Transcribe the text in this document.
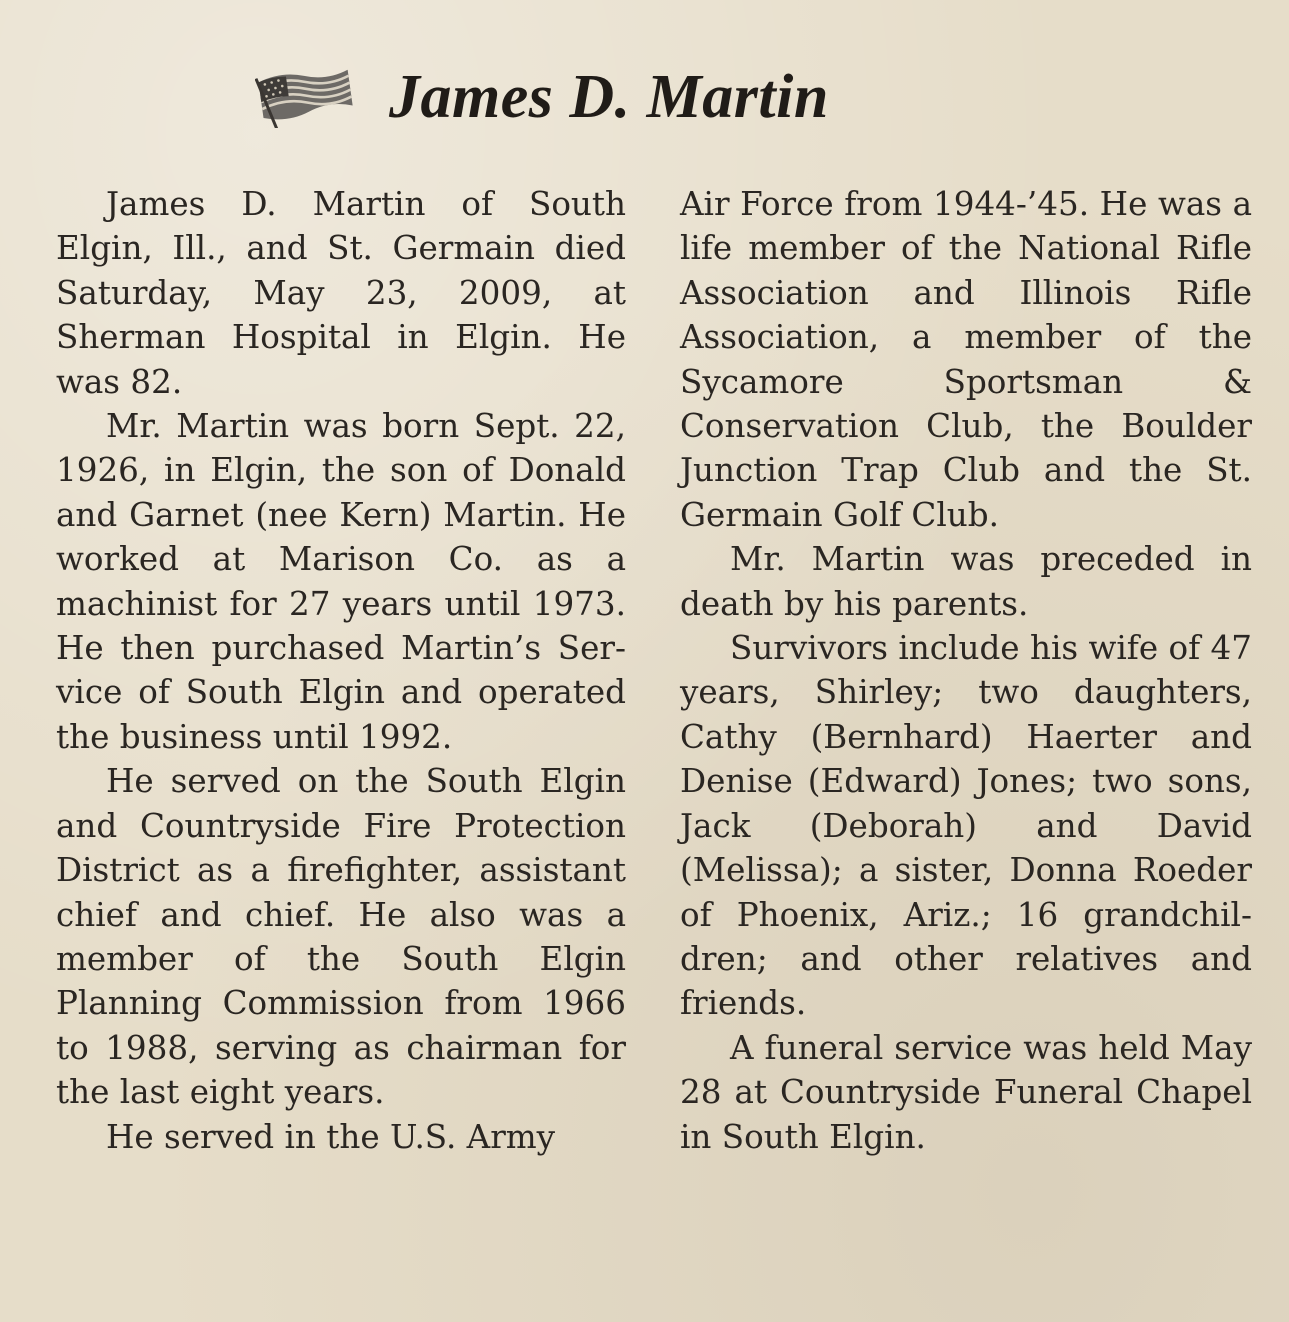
James D. Martin

James D. Martin of South Elgin, Ill., and St. Germain died Saturday, May 23, 2009, at Sherman Hospital in Elgin. He was 82.

Mr. Martin was born Sept. 22, 1926, in Elgin, the son of Donald and Garnet (nee Kern) Martin. He worked at Marison Co. as a machinist for 27 years until 1973. He then purchased Martin’s Service of South Elgin and operated the business until 1992.

He served on the South Elgin and Countryside Fire Protection District as a firefighter, assistant chief and chief. He also was a member of the South Elgin Planning Commission from 1966 to 1988, serving as chairman for the last eight years.

He served in the U.S. Army

Air Force from 1944-’45. He was a life member of the National Rifle Association and Illinois Rifle Association, a member of the Sycamore Sportsman & Conservation Club, the Boulder Junction Trap Club and the St. Germain Golf Club.

Mr. Martin was preceded in death by his parents.

Survivors include his wife of 47 years, Shirley; two daughters, Cathy (Bernhard) Haerter and Denise (Edward) Jones; two sons, Jack (Deborah) and David (Melissa); a sister, Donna Roeder of Phoenix, Ariz.; 16 grandchildren; and other relatives and friends.

A funeral service was held May 28 at Countryside Funeral Chapel in South Elgin.
